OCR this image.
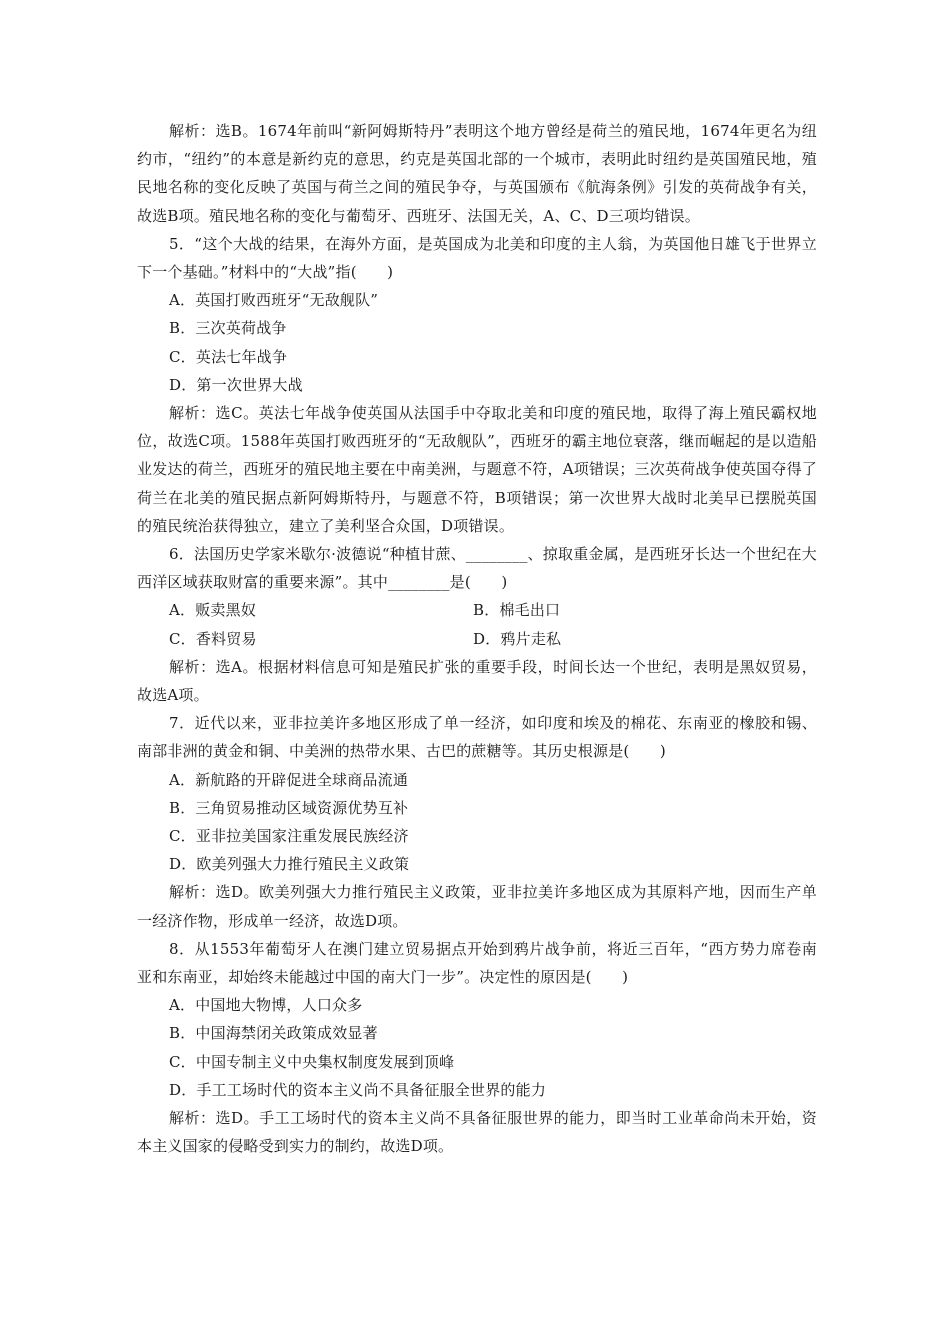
解析：选B。1674年前叫“新阿姆斯特丹”表明这个地方曾经是荷兰的殖民地，1674年更名为纽约市，“纽约”的本意是新约克的意思，约克是英国北部的一个城市，表明此时纽约是英国殖民地，殖民地名称的变化反映了英国与荷兰之间的殖民争夺，与英国颁布《航海条例》引发的英荷战争有关，故选B项。殖民地名称的变化与葡萄牙、西班牙、法国无关，A、C、D三项均错误。

5．“这个大战的结果，在海外方面，是英国成为北美和印度的主人翁，为英国他日雄飞于世界立下一个基础。”材料中的“大战”指(　　)

A．英国打败西班牙“无敌舰队”
B．三次英荷战争
C．英法七年战争
D．第一次世界大战

解析：选C。英法七年战争使英国从法国手中夺取北美和印度的殖民地，取得了海上殖民霸权地位，故选C项。1588年英国打败西班牙的“无敌舰队”，西班牙的霸主地位衰落，继而崛起的是以造船业发达的荷兰，西班牙的殖民地主要在中南美洲，与题意不符，A项错误；三次英荷战争使英国夺得了荷兰在北美的殖民据点新阿姆斯特丹，与题意不符，B项错误；第一次世界大战时北美早已摆脱英国的殖民统治获得独立，建立了美利坚合众国，D项错误。

6．法国历史学家米歇尔·波德说“种植甘蔗、________、掠取重金属，是西班牙长达一个世纪在大西洋区域获取财富的重要来源”。其中________是(　　)

A．贩卖黑奴	B．棉毛出口
C．香料贸易	D．鸦片走私

解析：选A。根据材料信息可知是殖民扩张的重要手段，时间长达一个世纪，表明是黑奴贸易，故选A项。

7．近代以来，亚非拉美许多地区形成了单一经济，如印度和埃及的棉花、东南亚的橡胶和锡、南部非洲的黄金和铜、中美洲的热带水果、古巴的蔗糖等。其历史根源是(　　)

A．新航路的开辟促进全球商品流通
B．三角贸易推动区域资源优势互补
C．亚非拉美国家注重发展民族经济
D．欧美列强大力推行殖民主义政策

解析：选D。欧美列强大力推行殖民主义政策，亚非拉美许多地区成为其原料产地，因而生产单一经济作物，形成单一经济，故选D项。

8．从1553年葡萄牙人在澳门建立贸易据点开始到鸦片战争前，将近三百年，“西方势力席卷南亚和东南亚，却始终未能越过中国的南大门一步”。决定性的原因是(　　)

A．中国地大物博，人口众多
B．中国海禁闭关政策成效显著
C．中国专制主义中央集权制度发展到顶峰
D．手工工场时代的资本主义尚不具备征服全世界的能力

解析：选D。手工工场时代的资本主义尚不具备征服世界的能力，即当时工业革命尚未开始，资本主义国家的侵略受到实力的制约，故选D项。
